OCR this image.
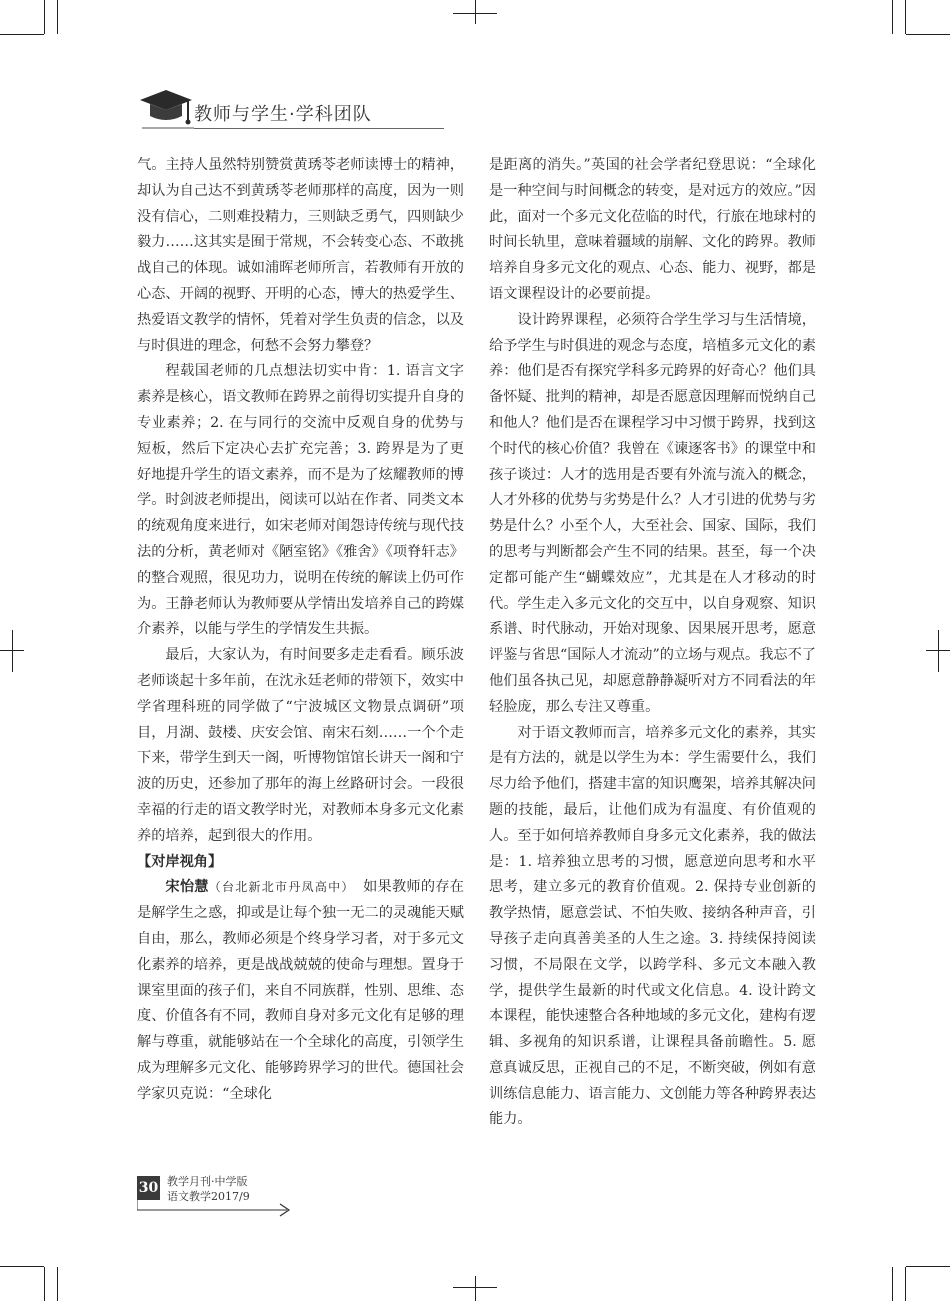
教师与学生·学科团队

气。主持人虽然特别赞赏黄琇苓老师读博士的精神，却认为自己达不到黄琇苓老师那样的高度，因为一则没有信心，二则难投精力，三则缺乏勇气，四则缺少毅力……这其实是囿于常规，不会转变心态、不敢挑战自己的体现。诚如浦晖老师所言，若教师有开放的心态、开阔的视野、开明的心态，博大的热爱学生、热爱语文教学的情怀，凭着对学生负责的信念，以及与时俱进的理念，何愁不会努力攀登？

程载国老师的几点想法切实中肯：1. 语言文字素养是核心，语文教师在跨界之前得切实提升自身的专业素养；2. 在与同行的交流中反观自身的优势与短板，然后下定决心去扩充完善；3. 跨界是为了更好地提升学生的语文素养，而不是为了炫耀教师的博学。时剑波老师提出，阅读可以站在作者、同类文本的统观角度来进行，如宋老师对闺怨诗传统与现代技法的分析，黄老师对《陋室铭》《雅舍》《项脊轩志》的整合观照，很见功力，说明在传统的解读上仍可作为。王静老师认为教师要从学情出发培养自己的跨媒介素养，以能与学生的学情发生共振。

最后，大家认为，有时间要多走走看看。顾乐波老师谈起十多年前，在沈永廷老师的带领下，效实中学省理科班的同学做了“宁波城区文物景点调研”项目，月湖、鼓楼、庆安会馆、南宋石刻……一个个走下来，带学生到天一阁，听博物馆馆长讲天一阁和宁波的历史，还参加了那年的海上丝路研讨会。一段很幸福的行走的语文教学时光，对教师本身多元文化素养的培养，起到很大的作用。

【对岸视角】

宋怡慧（台北新北市丹凤高中）　 如果教师的存在是解学生之惑，抑或是让每个独一无二的灵魂能天赋自由，那么，教师必须是个终身学习者，对于多元文化素养的培养，更是战战兢兢的使命与理想。置身于课室里面的孩子们，来自不同族群，性别、思维、态度、价值各有不同，教师自身对多元文化有足够的理解与尊重，就能够站在一个全球化的高度，引领学生成为理解多元文化、能够跨界学习的世代。德国社会学家贝克说：“全球化

是距离的消失。”英国的社会学者纪登思说：“全球化是一种空间与时间概念的转变，是对远方的效应。”因此，面对一个多元文化莅临的时代，行旅在地球村的时间长轨里，意味着疆域的崩解、文化的跨界。教师培养自身多元文化的观点、心态、能力、视野，都是语文课程设计的必要前提。

设计跨界课程，必须符合学生学习与生活情境，给予学生与时俱进的观念与态度，培植多元文化的素养：他们是否有探究学科多元跨界的好奇心？他们具备怀疑、批判的精神，却是否愿意因理解而悦纳自己和他人？他们是否在课程学习中习惯于跨界，找到这个时代的核心价值？我曾在《谏逐客书》的课堂中和孩子谈过：人才的选用是否要有外流与流入的概念，人才外移的优势与劣势是什么？人才引进的优势与劣势是什么？小至个人，大至社会、国家、国际，我们的思考与判断都会产生不同的结果。甚至，每一个决定都可能产生“蝴蝶效应”，尤其是在人才移动的时代。学生走入多元文化的交互中，以自身观察、知识系谱、时代脉动，开始对现象、因果展开思考，愿意评鉴与省思“国际人才流动”的立场与观点。我忘不了他们虽各执己见，却愿意静静凝听对方不同看法的年轻脸庞，那么专注又尊重。

对于语文教师而言，培养多元文化的素养，其实是有方法的，就是以学生为本：学生需要什么，我们尽力给予他们，搭建丰富的知识鹰架，培养其解决问题的技能，最后，让他们成为有温度、有价值观的人。至于如何培养教师自身多元文化素养，我的做法是：1. 培养独立思考的习惯，愿意逆向思考和水平思考，建立多元的教育价值观。2. 保持专业创新的教学热情，愿意尝试、不怕失败、接纳各种声音，引导孩子走向真善美圣的人生之途。3. 持续保持阅读习惯，不局限在文学，以跨学科、多元文本融入教学，提供学生最新的时代或文化信息。4. 设计跨文本课程，能快速整合各种地域的多元文化，建构有逻辑、多视角的知识系谱，让课程具备前瞻性。5. 愿意真诚反思，正视自己的不足，不断突破，例如有意训练信息能力、语言能力、文创能力等各种跨界表达能力。

30 教学月刊·中学版
语文教学2017/9
